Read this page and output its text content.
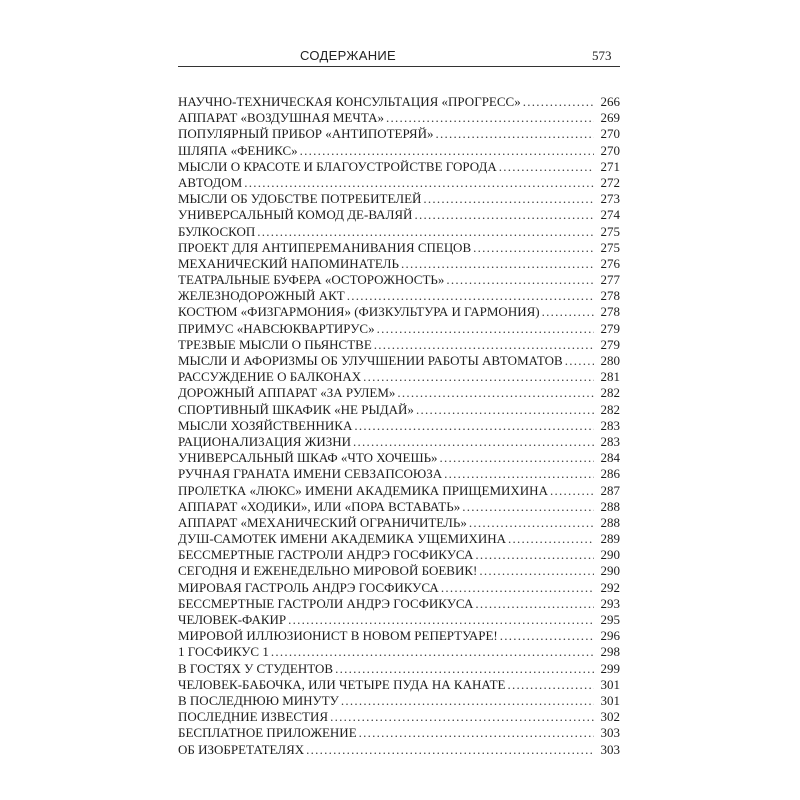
СОДЕРЖАНИЕ	573
НАУЧНО-ТЕХНИЧЕСКАЯ КОНСУЛЬТАЦИЯ «ПРОГРЕСС» . . .	266
АППАРАТ «ВОЗДУШНАЯ МЕЧТА» . . .	269
ПОПУЛЯРНЫЙ ПРИБОР «АНТИПОТЕРЯЙ» . . .	270
ШЛЯПА «ФЕНИКС» . . .	270
МЫСЛИ О КРАСОТЕ И БЛАГОУСТРОЙСТВЕ ГОРОДА . . .	271
АВТОДОМ . . .	272
МЫСЛИ ОБ УДОБСТВЕ ПОТРЕБИТЕЛЕЙ . . .	273
УНИВЕРСАЛЬНЫЙ КОМОД ДЕ-ВАЛЯЙ . . .	274
БУЛКОСКОП . . .	275
ПРОЕКТ ДЛЯ АНТИПЕРЕМАНИВАНИЯ СПЕЦОВ . . .	275
МЕХАНИЧЕСКИЙ НАПОМИНАТЕЛЬ . . .	276
ТЕАТРАЛЬНЫЕ БУФЕРА «ОСТОРОЖНОСТЬ» . . .	277
ЖЕЛЕЗНОДОРОЖНЫЙ АКТ . . .	278
КОСТЮМ «ФИЗГАРМОНИЯ» (ФИЗКУЛЬТУРА И ГАРМОНИЯ) . . .	278
ПРИМУС «НАВСЮКВАРТИРУС» . . .	279
ТРЕЗВЫЕ МЫСЛИ О ПЬЯНСТВЕ . . .	279
МЫСЛИ И АФОРИЗМЫ ОБ УЛУЧШЕНИИ РАБОТЫ АВТОМАТОВ . . .	280
РАССУЖДЕНИЕ О БАЛКОНАХ . . .	281
ДОРОЖНЫЙ АППАРАТ «ЗА РУЛЕМ» . . .	282
СПОРТИВНЫЙ ШКАФИК «НЕ РЫДАЙ» . . .	282
МЫСЛИ ХОЗЯЙСТВЕННИКА . . .	283
РАЦИОНАЛИЗАЦИЯ ЖИЗНИ . . .	283
УНИВЕРСАЛЬНЫЙ ШКАФ «ЧТО ХОЧЕШЬ» . . .	284
РУЧНАЯ ГРАНАТА ИМЕНИ СЕВЗАПСОЮЗА . . .	286
ПРОЛЕТКА «ЛЮКС» ИМЕНИ АКАДЕМИКА ПРИЩЕМИХИНА . . .	287
АППАРАТ «ХОДИКИ», ИЛИ «ПОРА ВСТАВАТЬ» . . .	288
АППАРАТ «МЕХАНИЧЕСКИЙ ОГРАНИЧИТЕЛЬ» . . .	288
ДУШ-САМОТЕК ИМЕНИ АКАДЕМИКА УЩЕМИХИНА . . .	289
БЕССМЕРТНЫЕ ГАСТРОЛИ АНДРЭ ГОСФИКУСА . . .	290
СЕГОДНЯ И ЕЖЕНЕДЕЛЬНО МИРОВОЙ БОЕВИК! . . .	290
МИРОВАЯ ГАСТРОЛЬ АНДРЭ ГОСФИКУСА . . .	292
БЕССМЕРТНЫЕ ГАСТРОЛИ АНДРЭ ГОСФИКУСА . . .	293
ЧЕЛОВЕК-ФАКИР . . .	295
МИРОВОЙ ИЛЛЮЗИОНИСТ В НОВОМ РЕПЕРТУАРЕ! . . .	296
1 ГОСФИКУС 1 . . .	298
В ГОСТЯХ У СТУДЕНТОВ . . .	299
ЧЕЛОВЕК-БАБОЧКА, ИЛИ ЧЕТЫРЕ ПУДА НА КАНАТЕ . . .	301
В ПОСЛЕДНЮЮ МИНУТУ . . .	301
ПОСЛЕДНИЕ ИЗВЕСТИЯ . . .	302
БЕСПЛАТНОЕ ПРИЛОЖЕНИЕ . . .	303
ОБ ИЗОБРЕТАТЕЛЯХ . . .	303
